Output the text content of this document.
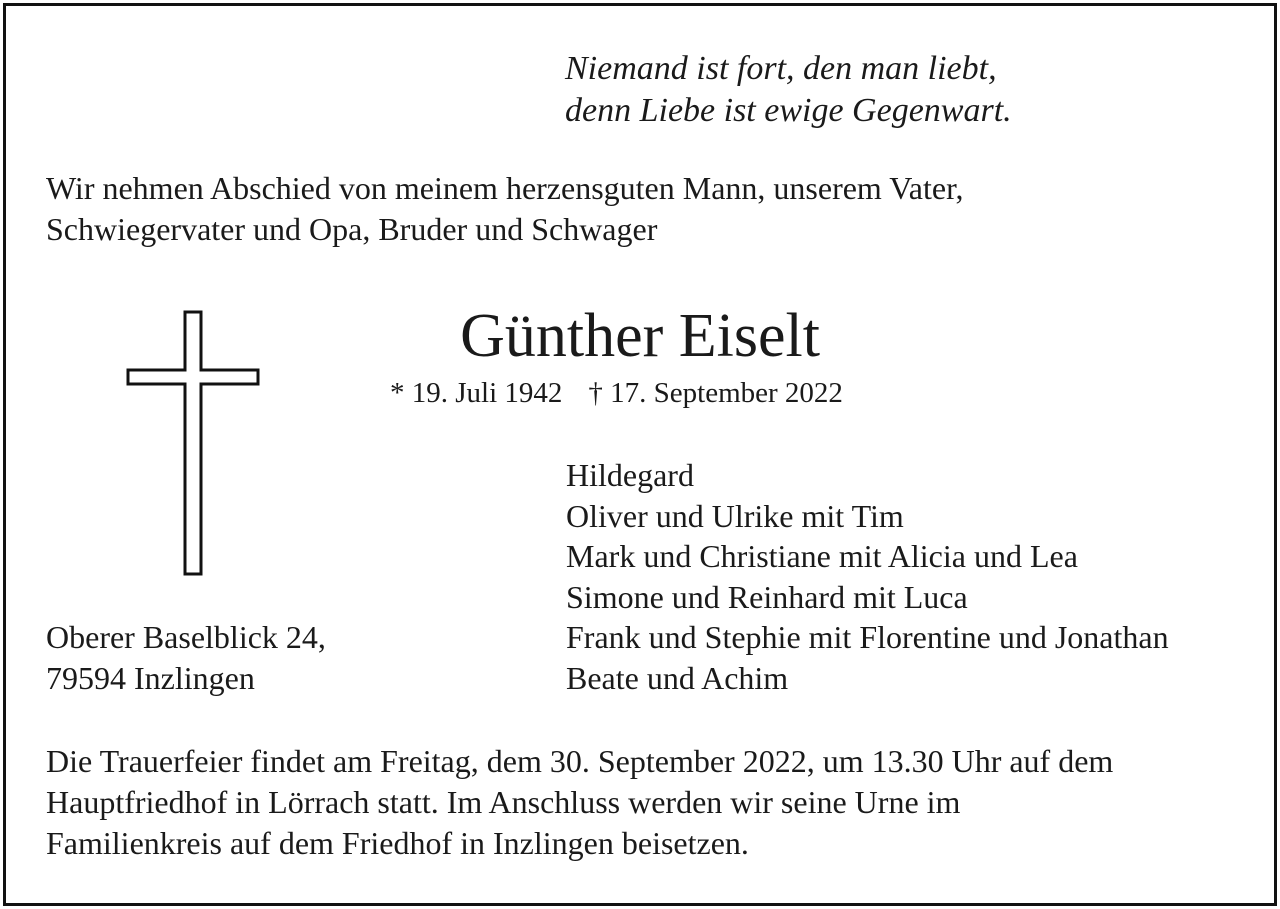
Niemand ist fort, den man liebt,
denn Liebe ist ewige Gegenwart.
Wir nehmen Abschied von meinem herzensguten Mann, unserem Vater,
Schwiegervater und Opa, Bruder und Schwager
Günther Eiselt
* 19. Juli 1942 † 17. September 2022
Hildegard
Oliver und Ulrike mit Tim
Mark und Christiane mit Alicia und Lea
Simone und Reinhard mit Luca
Frank und Stephie mit Florentine und Jonathan
Beate und Achim
Oberer Baselblick 24,
79594 Inzlingen
Die Trauerfeier findet am Freitag, dem 30. September 2022, um 13.30 Uhr auf dem
Hauptfriedhof in Lörrach statt. Im Anschluss werden wir seine Urne im
Familienkreis auf dem Friedhof in Inzlingen beisetzen.
